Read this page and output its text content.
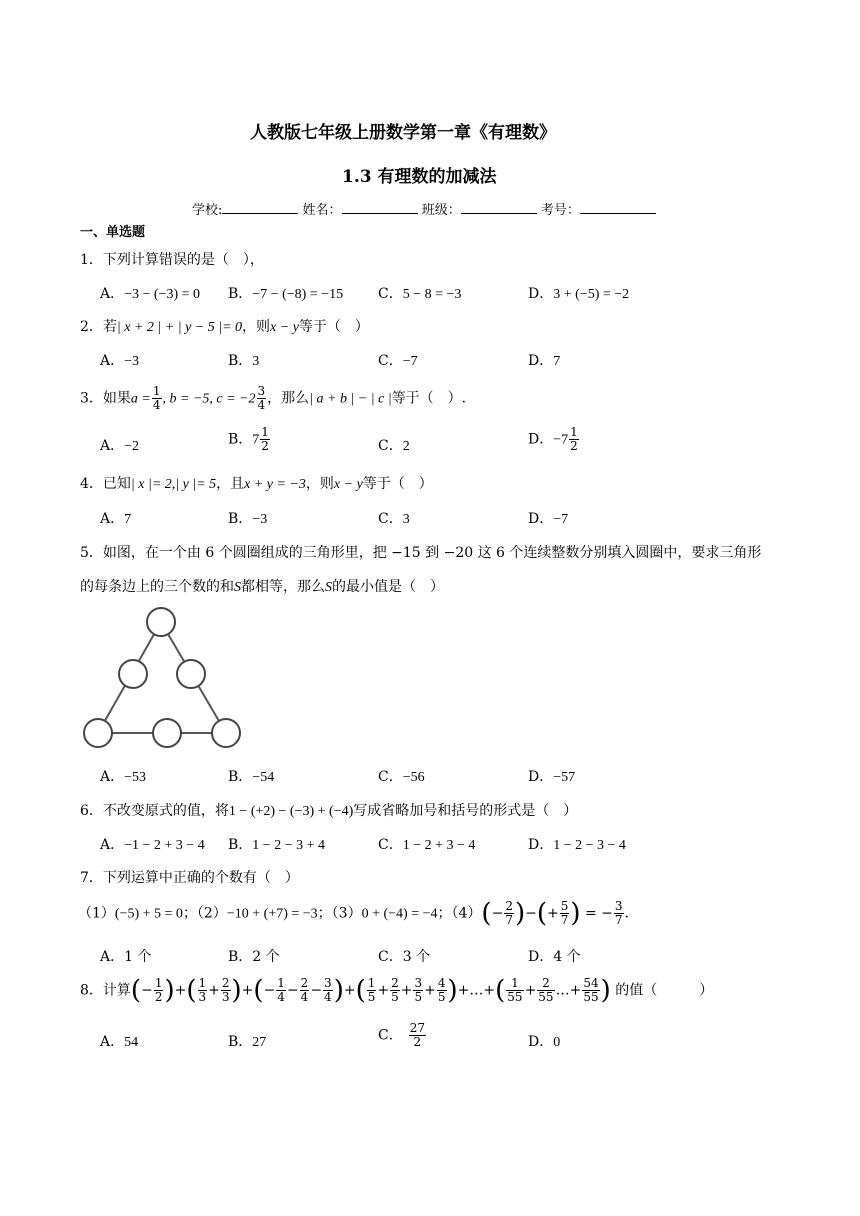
人教版七年级上册数学第一章《有理数》
1.3 有理数的加减法
学校:	姓名：	班级：	考号：
一、单选题
1．下列计算错误的是（　），
A．−3 − (−3) = 0 B．−7 − (−8) = −15 C．5 − 8 = −3	D．3 + (−5) = −2
2．若| x + 2 | + | y − 5 |= 0，则x − y等于（　）
A．−3	B．3	C．−7	D．7
3．如果$a = \frac{1}{4}$ , b = −5, $c = -2 \frac{3}{4}$ ，那么| a + b | − | c |等于（　）.
A．−2	B．$7 \frac{1}{2}$	C．2	D．$-7 \frac{1}{2}$
4．已知| x |= 2,| y |= 5，且x + y = −3，则x − y等于（　）
A．7	B．−3	C．3	D．−7
5．如图，在一个由 6 个圆圈组成的三角形里，把 −15 到 −20 这 6 个连续整数分别填入圆圈中，要求三角形
的每条边上的三个数的和S都相等，那么S的最小值是（　）
A．−53	B．−54	C．−56	D．−57
6．不改变原式的值，将1 − (+2) − (−3) + (−4)写成省略加号和括号的形式是（　）
A．−1 − 2 + 3 − 4 B．1 − 2 − 3 + 4	C．1 − 2 + 3 − 4	D．1 − 2 − 3 − 4
7．下列运算中正确的个数有（　）
（1）(−5) + 5 = 0；（2）−10 + (+7) = −3；（3）0 + (−4) = −4；$(4)(- \frac{2}{7}$ )−(+ $\frac{5}{7}$ ) = − $\frac{3}{7}$ .
A．1 个	B．2 个	C．3 个	D．4 个
8．计算(− $\frac{1}{2}$ )+( $\frac{1}{3} + \frac{2}{3}$ )+(− $\frac{1}{4} - \frac{2}{4} - \frac{3}{4}$ )+( $\frac{1}{5} + \frac{2}{5} + \frac{3}{5} + \frac{4}{5}$ )+…+( $\frac{1}{55} + \frac{2}{55}$ …+ $\frac{54}{55}$ ) 的值（　　　）
A．54	B．27	C． $\frac{27}{2}$	D．0
